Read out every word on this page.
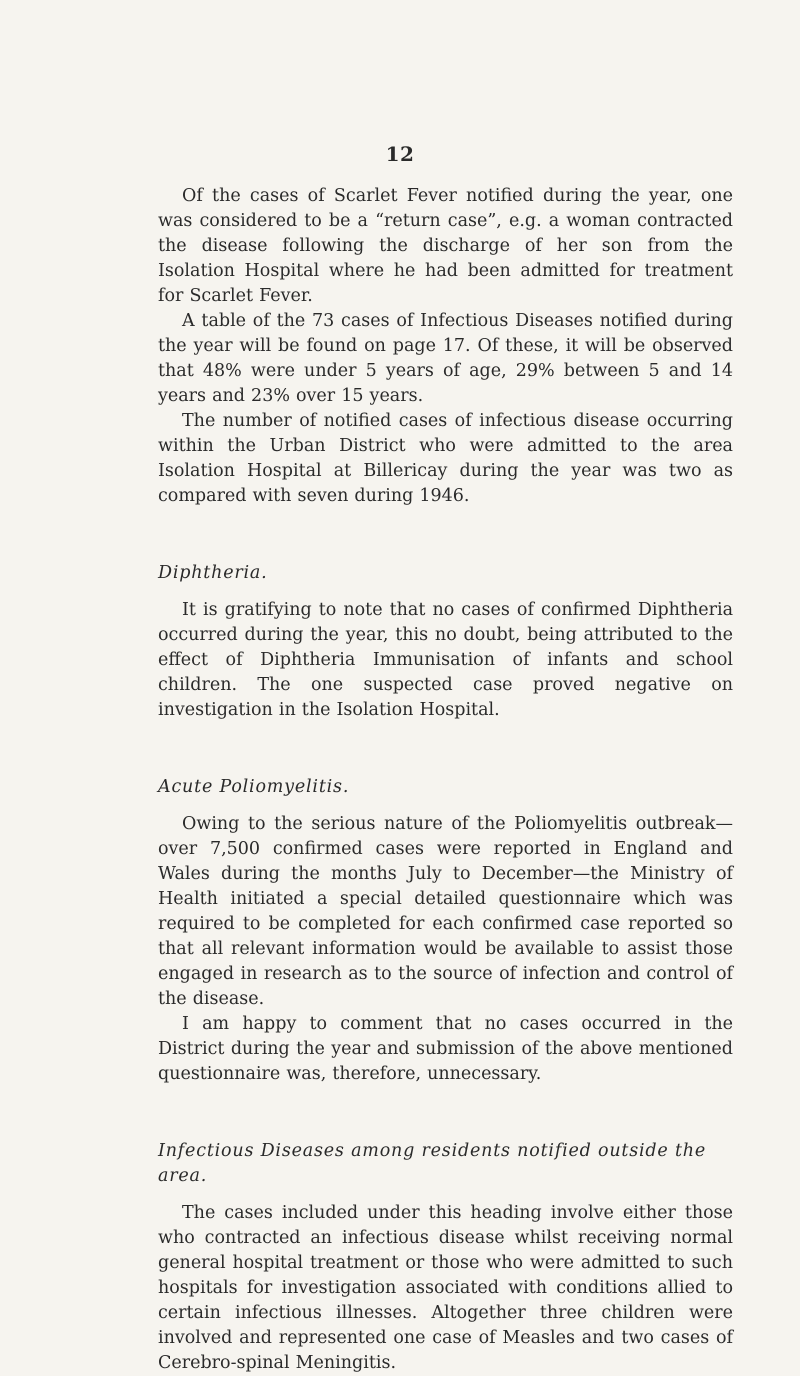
12

Of the cases of Scarlet Fever notified during the year, one was considered to be a “return case”, e.g. a woman contracted the disease following the discharge of her son from the Isolation Hospital where he had been admitted for treatment for Scarlet Fever.

A table of the 73 cases of Infectious Diseases notified during the year will be found on page 17. Of these, it will be observed that 48% were under 5 years of age, 29% between 5 and 14 years and 23% over 15 years.

The number of notified cases of infectious disease occurring within the Urban District who were admitted to the area Isolation Hospital at Billericay during the year was two as compared with seven during 1946.

Diphtheria.

It is gratifying to note that no cases of confirmed Diphtheria occurred during the year, this no doubt, being attributed to the effect of Diphtheria Immunisation of infants and school children. The one suspected case proved negative on investigation in the Isolation Hospital.

Acute Poliomyelitis.

Owing to the serious nature of the Poliomyelitis outbreak—over 7,500 confirmed cases were reported in England and Wales during the months July to December—the Ministry of Health initiated a special detailed questionnaire which was required to be completed for each confirmed case reported so that all relevant information would be available to assist those engaged in research as to the source of infection and control of the disease.

I am happy to comment that no cases occurred in the District during the year and submission of the above mentioned questionnaire was, therefore, unnecessary.

Infectious Diseases among residents notified outside the area.

The cases included under this heading involve either those who contracted an infectious disease whilst receiving normal general hospital treatment or those who were admitted to such hospitals for investigation associated with conditions allied to certain infectious illnesses. Altogether three children were involved and represented one case of Measles and two cases of Cerebro-spinal Meningitis.
